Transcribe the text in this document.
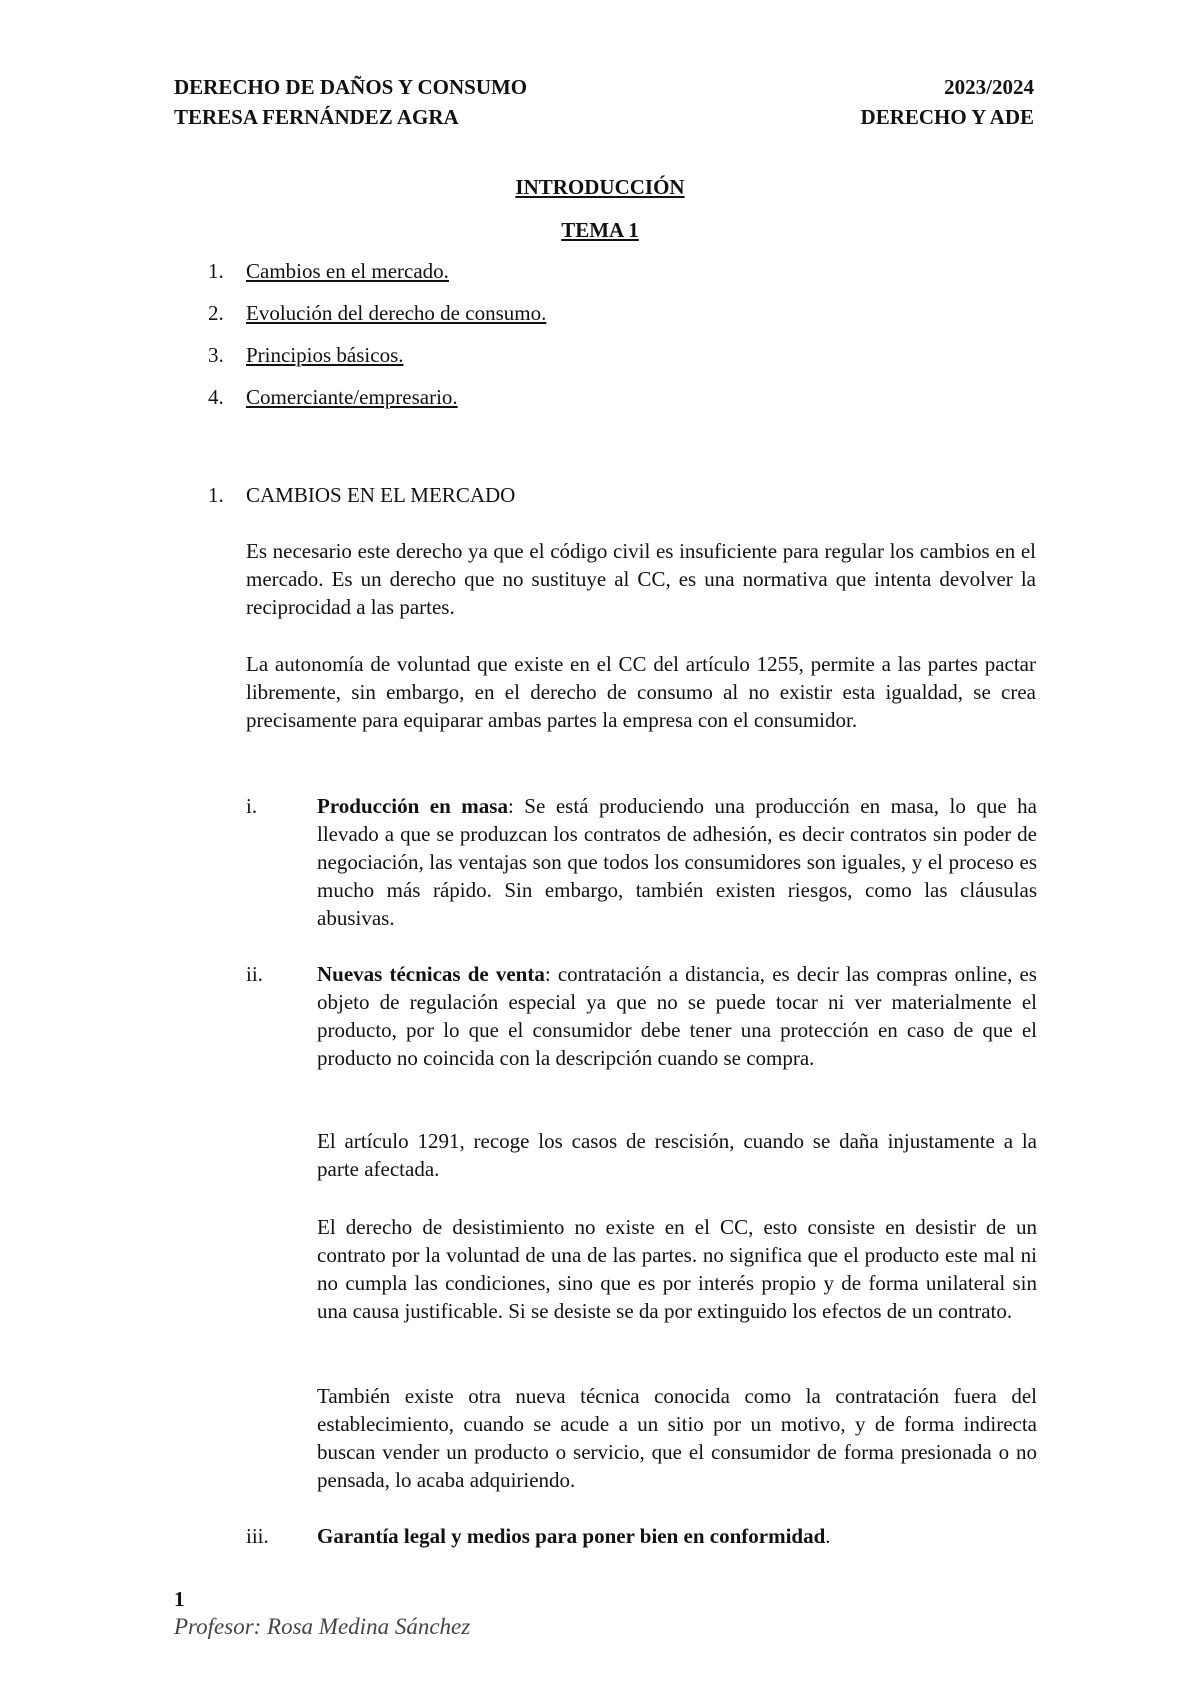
DERECHO DE DAÑOS Y CONSUMO	2023/2024
TERESA FERNÁNDEZ AGRA	DERECHO Y ADE
INTRODUCCIÓN
TEMA 1
1.	Cambios en el mercado.
2.	Evolución del derecho de consumo.
3.	Principios básicos.
4.	Comerciante/empresario.
1.	CAMBIOS EN EL MERCADO

Es necesario este derecho ya que el código civil es insuficiente para regular los cambios en el mercado. Es un derecho que no sustituye al CC, es una normativa que intenta devolver la reciprocidad a las partes.

La autonomía de voluntad que existe en el CC del artículo 1255, permite a las partes pactar libremente, sin embargo, en el derecho de consumo al no existir esta igualdad, se crea precisamente para equiparar ambas partes la empresa con el consumidor.

i.	Producción en masa: Se está produciendo una producción en masa, lo que ha llevado a que se produzcan los contratos de adhesión, es decir contratos sin poder de negociación, las ventajas son que todos los consumidores son iguales, y el proceso es mucho más rápido. Sin embargo, también existen riesgos, como las cláusulas abusivas.

ii.	Nuevas técnicas de venta: contratación a distancia, es decir las compras online, es objeto de regulación especial ya que no se puede tocar ni ver materialmente el producto, por lo que el consumidor debe tener una protección en caso de que el producto no coincida con la descripción cuando se compra.

El artículo 1291, recoge los casos de rescisión, cuando se daña injustamente a la parte afectada.

El derecho de desistimiento no existe en el CC, esto consiste en desistir de un contrato por la voluntad de una de las partes. no significa que el producto este mal ni no cumpla las condiciones, sino que es por interés propio y de forma unilateral sin una causa justificable. Si se desiste se da por extinguido los efectos de un contrato.

También existe otra nueva técnica conocida como la contratación fuera del establecimiento, cuando se acude a un sitio por un motivo, y de forma indirecta buscan vender un producto o servicio, que el consumidor de forma presionada o no pensada, lo acaba adquiriendo.

iii. Garantía legal y medios para poner bien en conformidad.

1
Profesor: Rosa Medina Sánchez
